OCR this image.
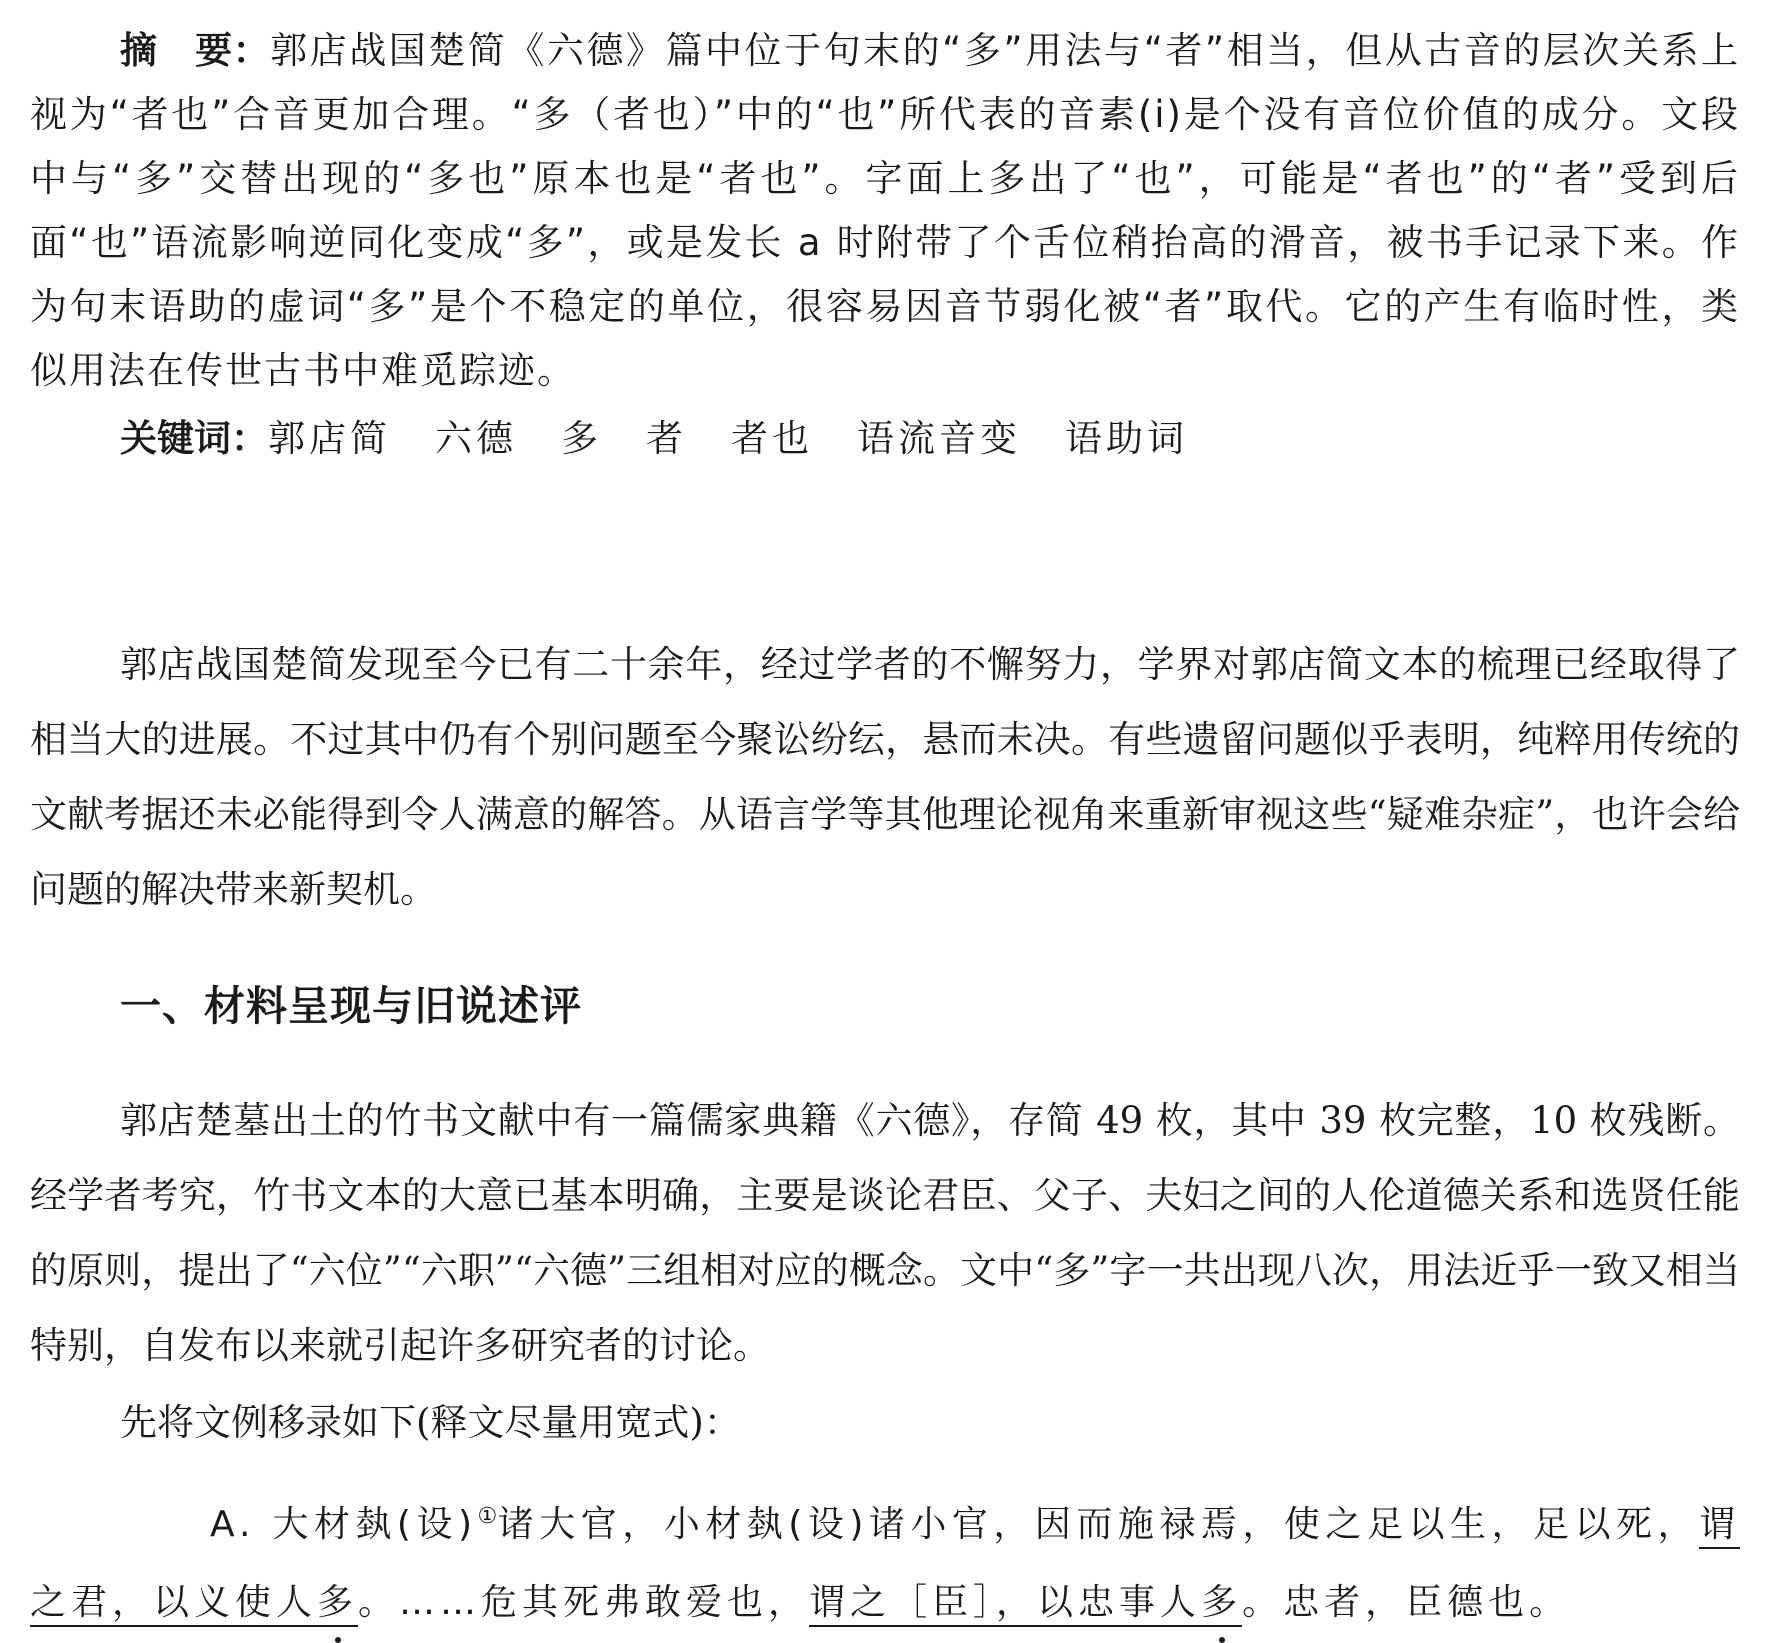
摘　要：郭店战国楚简《六德》篇中位于句末的“多”用法与“者”相当，但从古音的层次关系上视为“者也”合音更加合理。“多（者也）”中的“也”所代表的音素(i)是个没有音位价值的成分。文段中与“多”交替出现的“多也”原本也是“者也”。字面上多出了“也”，可能是“者也”的“者”受到后面“也”语流影响逆同化变成“多”，或是发长 a 时附带了个舌位稍抬高的滑音，被书手记录下来。作为句末语助的虚词“多”是个不稳定的单位，很容易因音节弱化被“者”取代。它的产生有临时性，类似用法在传世古书中难觅踪迹。
关键词：郭店简 六德 多 者 者也 语流音变 语助词
郭店战国楚简发现至今已有二十余年，经过学者的不懈努力，学界对郭店简文本的梳理已经取得了相当大的进展。不过其中仍有个别问题至今聚讼纷纭，悬而未决。有些遗留问题似乎表明，纯粹用传统的文献考据还未必能得到令人满意的解答。从语言学等其他理论视角来重新审视这些“疑难杂症”，也许会给问题的解决带来新契机。
一、材料呈现与旧说述评
郭店楚墓出土的竹书文献中有一篇儒家典籍《六德》，存简 49 枚，其中 39 枚完整，10 枚残断。经学者考究，竹书文本的大意已基本明确，主要是谈论君臣、父子、夫妇之间的人伦道德关系和选贤任能的原则，提出了“六位”“六职”“六德”三组相对应的概念。文中“多”字一共出现八次，用法近乎一致又相当特别，自发布以来就引起许多研究者的讨论。
先将文例移录如下(释文尽量用宽式)：
A. 大材埶(设)①诸大官，小材埶(设)诸小官，因而施禄焉，使之足以生，足以死，谓之君，以义使人多。……危其死弗敢爱也，谓之［臣］，以忠事人多。忠者，臣德也。
